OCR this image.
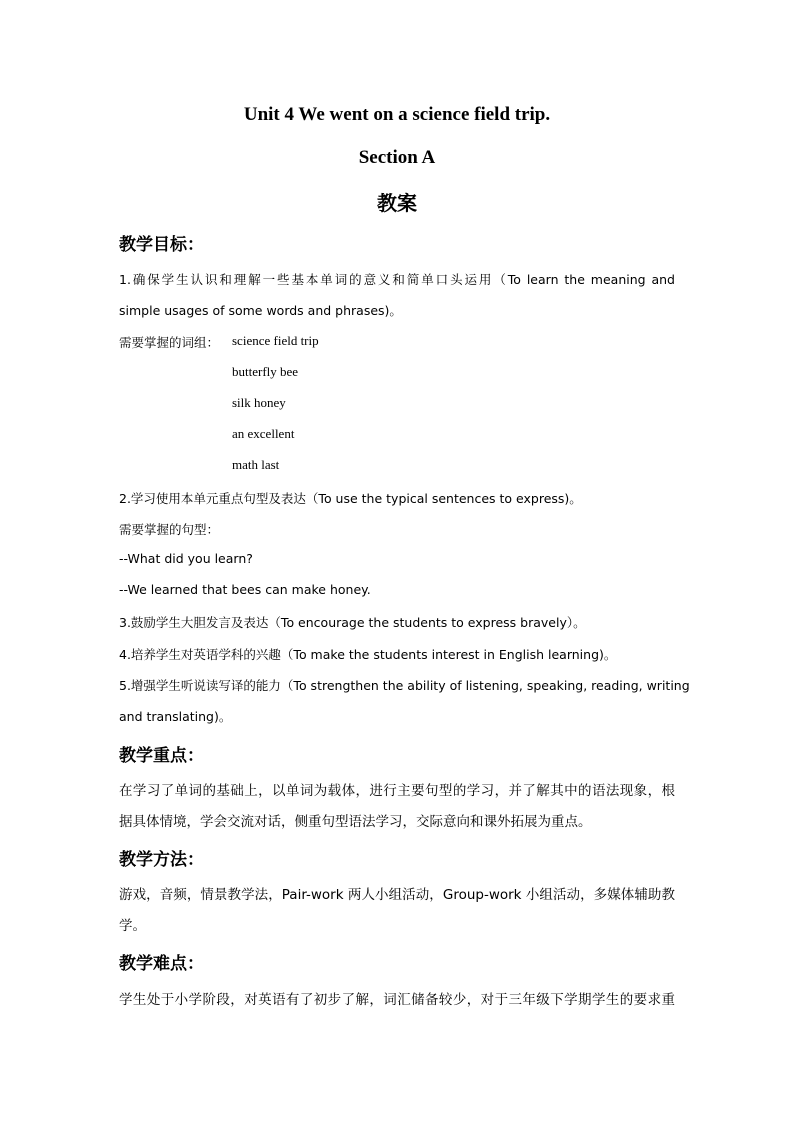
Unit 4 We went on a science field trip.
Section A
教案
教学目标：
1.确保学生认识和理解一些基本单词的意义和简单口头运用（To learn the meaning and
simple usages of some words and phrases)。
需要掌握的词组： science field trip
butterfly bee
silk honey
an excellent
math last
2.学习使用本单元重点句型及表达（To use the typical sentences to express)。
需要掌握的句型：
--What did you learn?
--We learned that bees can make honey.
3.鼓励学生大胆发言及表达（To encourage the students to express bravely）。
4.培养学生对英语学科的兴趣（To make the students interest in English learning)。
5.增强学生听说读写译的能力（To strengthen the ability of listening, speaking, reading, writing
and translating)。
教学重点：
在学习了单词的基础上，以单词为载体，进行主要句型的学习，并了解其中的语法现象，根
据具体情境，学会交流对话，侧重句型语法学习，交际意向和课外拓展为重点。
教学方法：
游戏，音频，情景教学法，Pair-work 两人小组活动，Group-work 小组活动，多媒体辅助教
学。
教学难点：
学生处于小学阶段，对英语有了初步了解，词汇储备较少，对于三年级下学期学生的要求重
